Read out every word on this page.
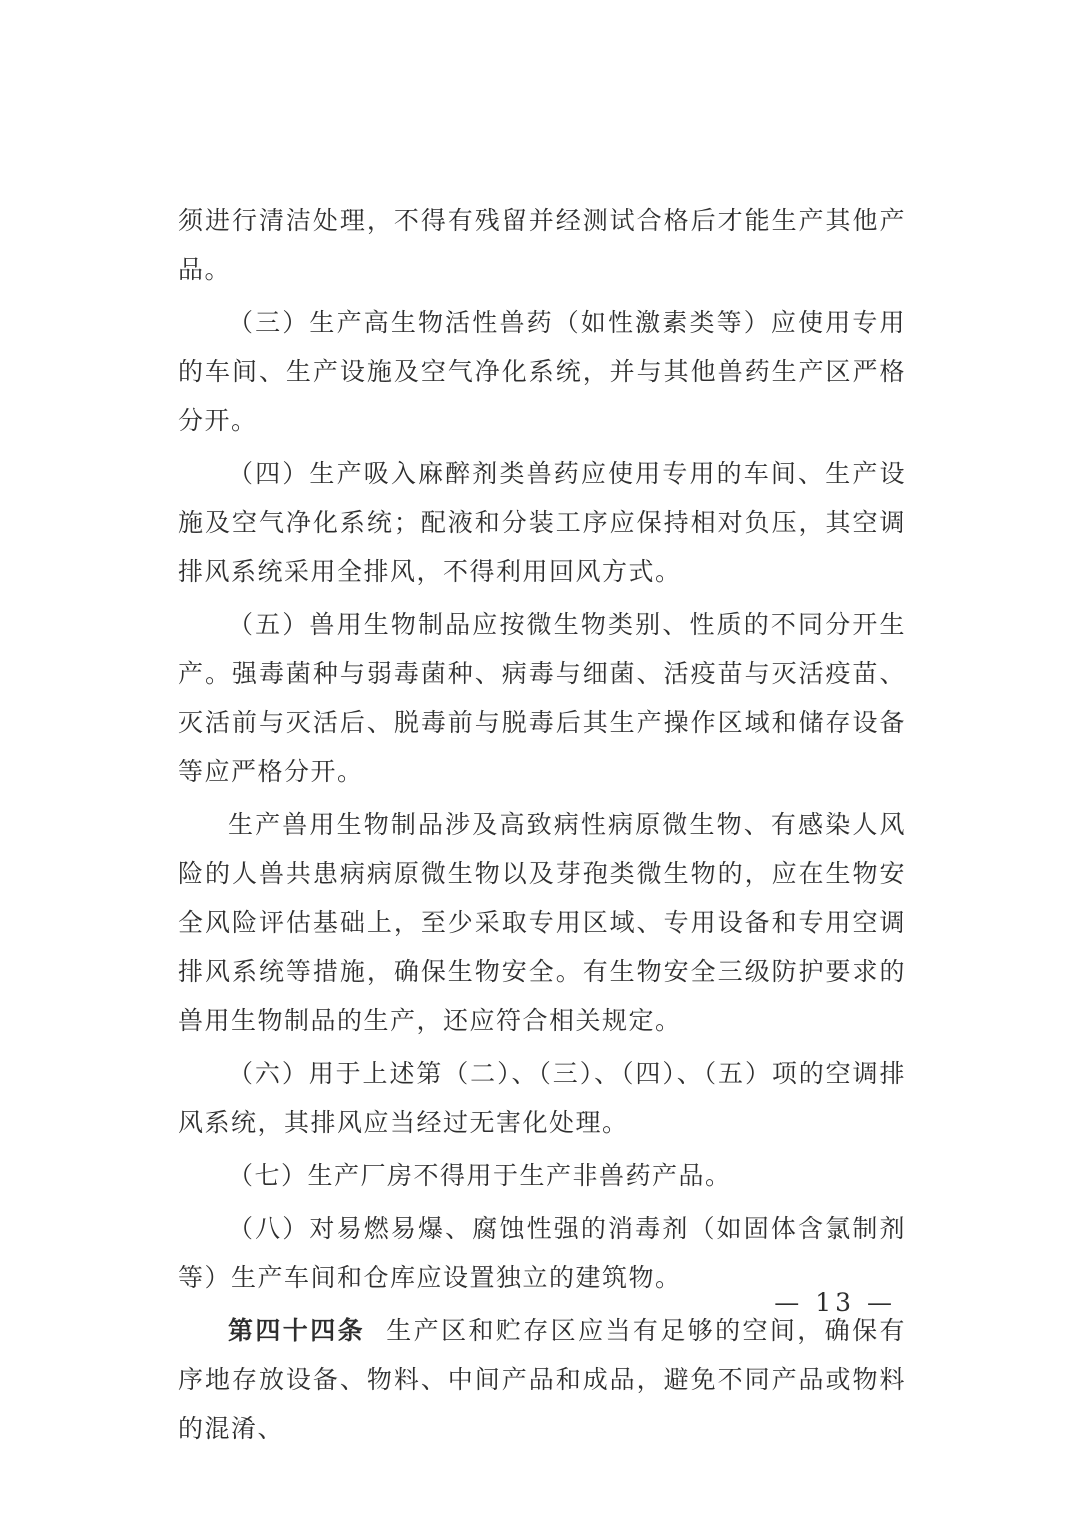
须进行清洁处理，不得有残留并经测试合格后才能生产其他产品。

（三）生产高生物活性兽药（如性激素类等）应使用专用的车间、生产设施及空气净化系统，并与其他兽药生产区严格分开。

（四）生产吸入麻醉剂类兽药应使用专用的车间、生产设施及空气净化系统；配液和分装工序应保持相对负压，其空调排风系统采用全排风，不得利用回风方式。

（五）兽用生物制品应按微生物类别、性质的不同分开生产。强毒菌种与弱毒菌种、病毒与细菌、活疫苗与灭活疫苗、灭活前与灭活后、脱毒前与脱毒后其生产操作区域和储存设备等应严格分开。

生产兽用生物制品涉及高致病性病原微生物、有感染人风险的人兽共患病病原微生物以及芽孢类微生物的，应在生物安全风险评估基础上，至少采取专用区域、专用设备和专用空调排风系统等措施，确保生物安全。有生物安全三级防护要求的兽用生物制品的生产，还应符合相关规定。

（六）用于上述第（二）、（三）、（四）、（五）项的空调排风系统，其排风应当经过无害化处理。

（七）生产厂房不得用于生产非兽药产品。

（八）对易燃易爆、腐蚀性强的消毒剂（如固体含氯制剂等）生产车间和仓库应设置独立的建筑物。

第四十四条 生产区和贮存区应当有足够的空间，确保有序地存放设备、物料、中间产品和成品，避免不同产品或物料的混淆、

— 13 —
